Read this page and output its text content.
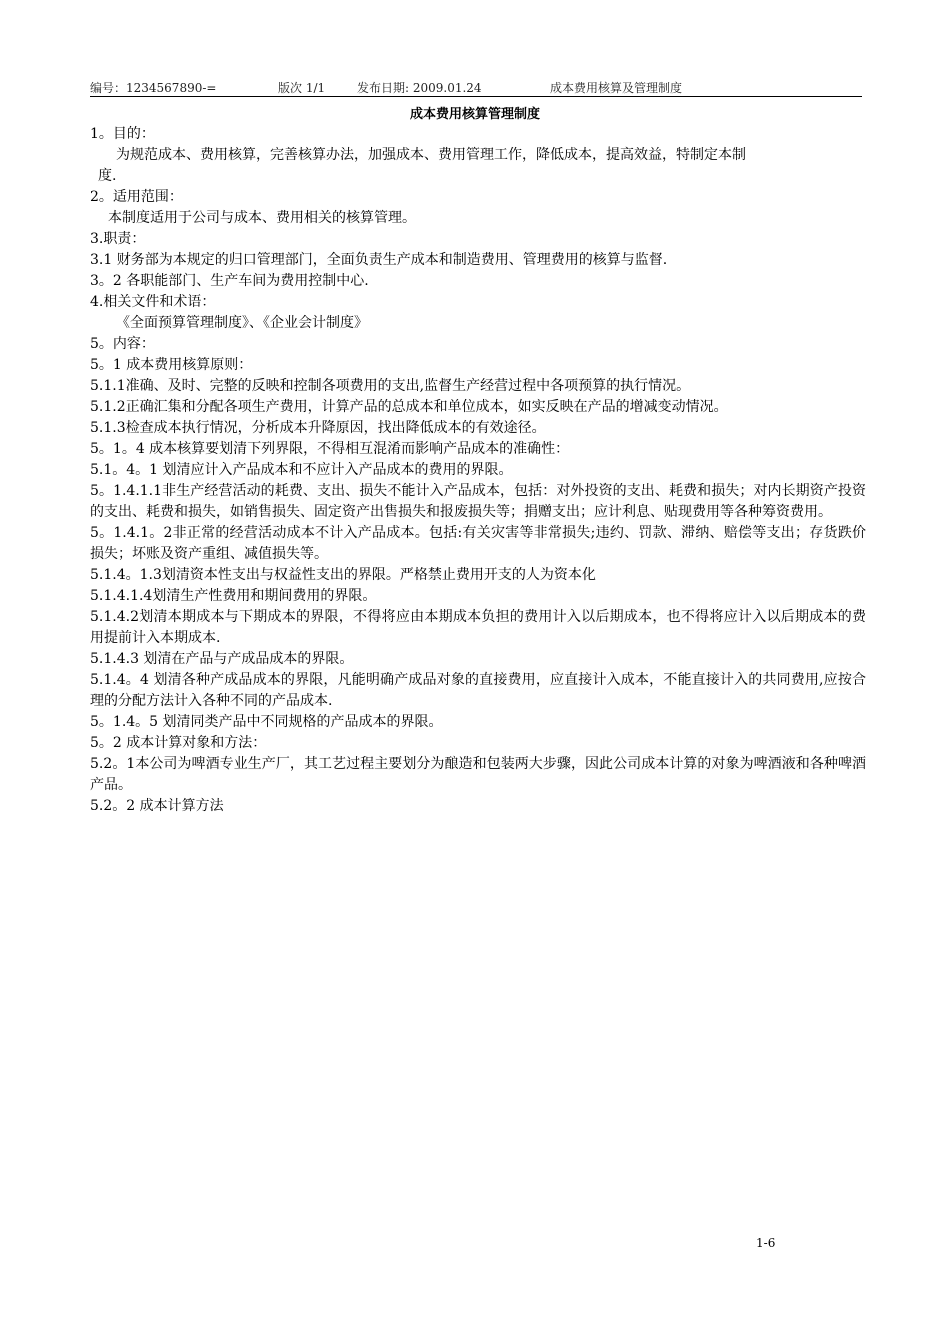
编号：1234567890-=	版次 1/1	发布日期: 2009.01.24	成本费用核算及管理制度
成本费用核算管理制度

1。目的：

为规范成本、费用核算，完善核算办法，加强成本、费用管理工作，降低成本，提高效益，特制定本制

度.

2。适用范围：

本制度适用于公司与成本、费用相关的核算管理。

3.职责：

3.1 财务部为本规定的归口管理部门，全面负责生产成本和制造费用、管理费用的核算与监督.

3。2 各职能部门、生产车间为费用控制中心.

4.相关文件和术语：

《全面预算管理制度》、《企业会计制度》

5。内容：

5。1 成本费用核算原则：

5.1.1准确、及时、完整的反映和控制各项费用的支出,监督生产经营过程中各项预算的执行情况。

5.1.2正确汇集和分配各项生产费用，计算产品的总成本和单位成本，如实反映在产品的增减变动情况。

5.1.3检查成本执行情况，分析成本升降原因，找出降低成本的有效途径。

5。1。4 成本核算要划清下列界限，不得相互混淆而影响产品成本的准确性：

5.1。4。1 划清应计入产品成本和不应计入产品成本的费用的界限。

5。1.4.1.1非生产经营活动的耗费、支出、损失不能计入产品成本，包括：对外投资的支出、耗费和损失；对内长期资产投资的支出、耗费和损失，如销售损失、固定资产出售损失和报废损失等；捐赠支出；应计利息、贴现费用等各种筹资费用。

5。1.4.1。2非正常的经营活动成本不计入产品成本。包括:有关灾害等非常损失;违约、罚款、滞纳、赔偿等支出；存货跌价损失；坏账及资产重组、减值损失等。

5.1.4。1.3划清资本性支出与权益性支出的界限。严格禁止费用开支的人为资本化

5.1.4.1.4划清生产性费用和期间费用的界限。

5.1.4.2划清本期成本与下期成本的界限，不得将应由本期成本负担的费用计入以后期成本，也不得将应计入以后期成本的费用提前计入本期成本.

5.1.4.3 划清在产品与产成品成本的界限。

5.1.4。4 划清各种产成品成本的界限，凡能明确产成品对象的直接费用，应直接计入成本，不能直接计入的共同费用,应按合理的分配方法计入各种不同的产品成本.

5。1.4。5 划清同类产品中不同规格的产品成本的界限。

5。2 成本计算对象和方法：

5.2。1本公司为啤酒专业生产厂，其工艺过程主要划分为酿造和包装两大步骤，因此公司成本计算的对象为啤酒液和各种啤酒产品。

5.2。2 成本计算方法

1-6
